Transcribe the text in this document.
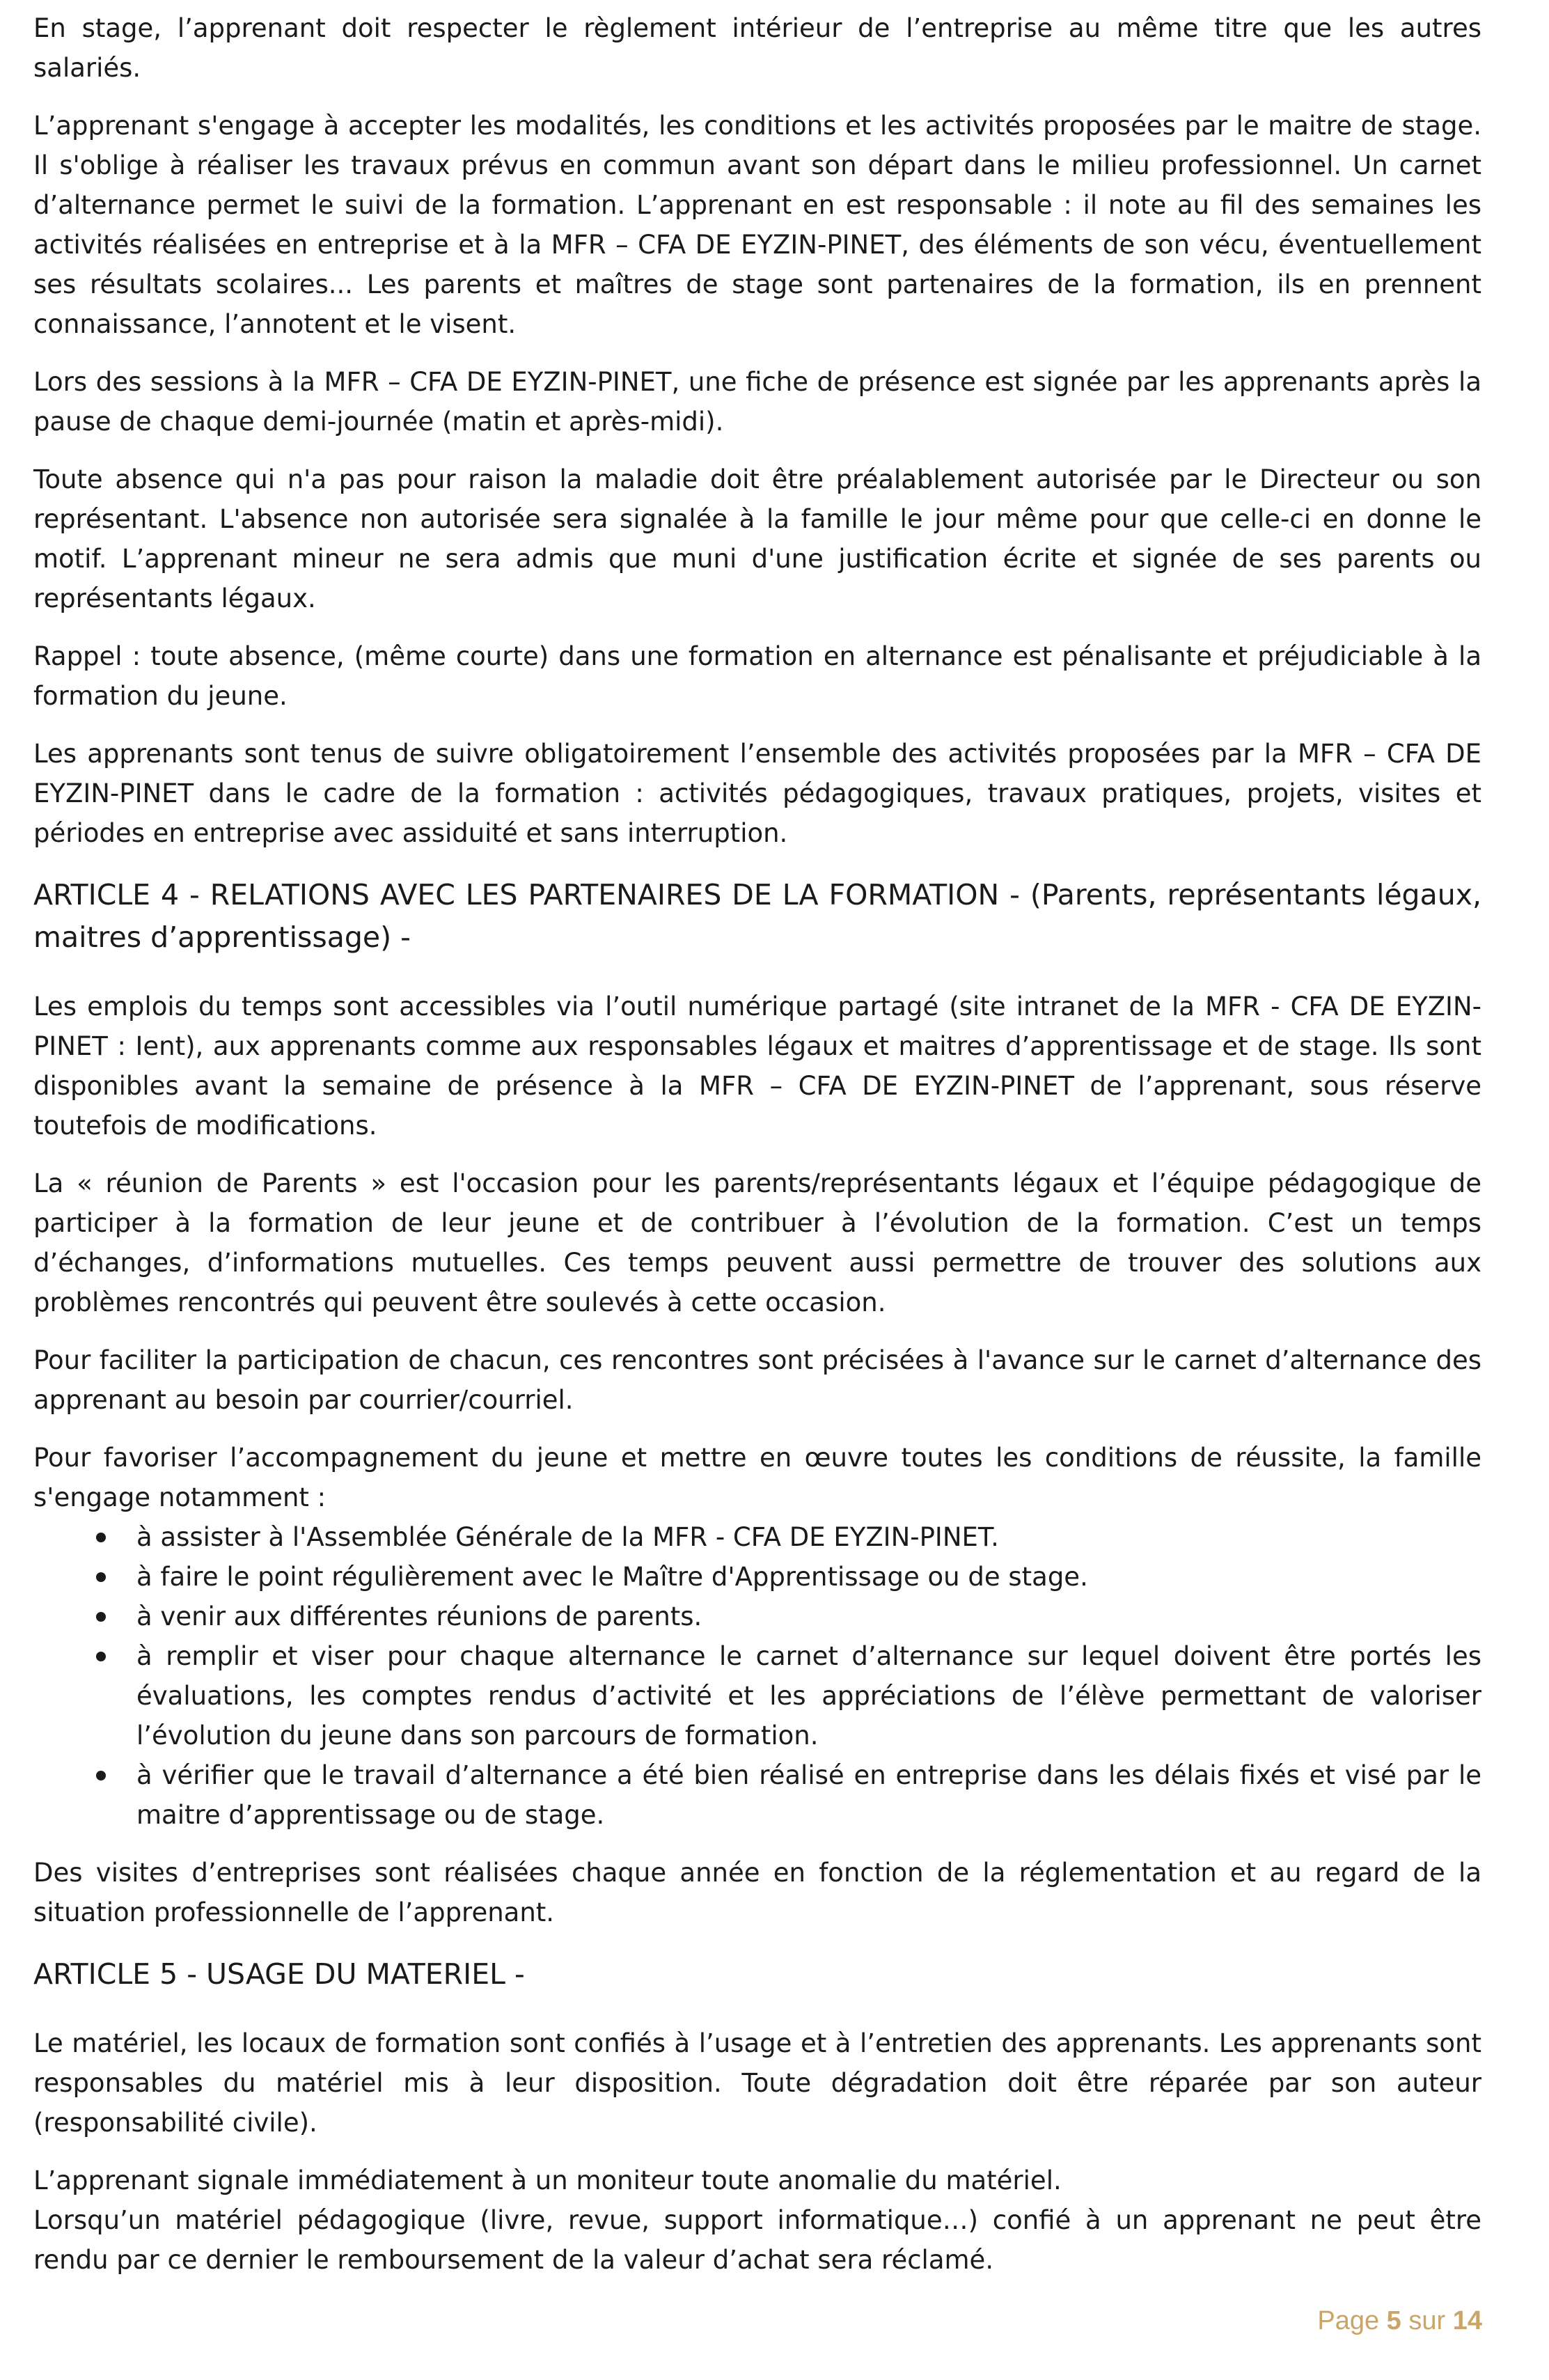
En stage, l’apprenant doit respecter le règlement intérieur de l’entreprise au même titre que les autres salariés.

L’apprenant s'engage à accepter les modalités, les conditions et les activités proposées par le maitre de stage. Il s'oblige à réaliser les travaux prévus en commun avant son départ dans le milieu professionnel. Un carnet d’alternance permet le suivi de la formation. L’apprenant en est responsable : il note au fil des semaines les activités réalisées en entreprise et à la MFR – CFA DE EYZIN-PINET, des éléments de son vécu, éventuellement ses résultats scolaires... Les parents et maîtres de stage sont partenaires de la formation, ils en prennent connaissance, l’annotent et le visent.

Lors des sessions à la MFR – CFA DE EYZIN-PINET, une fiche de présence est signée par les apprenants après la pause de chaque demi-journée (matin et après-midi).

Toute absence qui n'a pas pour raison la maladie doit être préalablement autorisée par le Directeur ou son représentant. L'absence non autorisée sera signalée à la famille le jour même pour que celle-ci en donne le motif. L’apprenant mineur ne sera admis que muni d'une justification écrite et signée de ses parents ou représentants légaux.

Rappel : toute absence, (même courte) dans une formation en alternance est pénalisante et préjudiciable à la formation du jeune.

Les apprenants sont tenus de suivre obligatoirement l’ensemble des activités proposées par la MFR – CFA DE EYZIN-PINET dans le cadre de la formation : activités pédagogiques, travaux pratiques, projets, visites et périodes en entreprise avec assiduité et sans interruption.

ARTICLE 4 - RELATIONS AVEC LES PARTENAIRES DE LA FORMATION - (Parents, représentants légaux, maitres d’apprentissage) -

Les emplois du temps sont accessibles via l’outil numérique partagé (site intranet de la MFR - CFA DE EYZIN-PINET : Ient), aux apprenants comme aux responsables légaux et maitres d’apprentissage et de stage. Ils sont disponibles avant la semaine de présence à la MFR – CFA DE EYZIN-PINET de l’apprenant, sous réserve toutefois de modifications.

La « réunion de Parents » est l'occasion pour les parents/représentants légaux et l’équipe pédagogique de participer à la formation de leur jeune et de contribuer à l’évolution de la formation. C’est un temps d’échanges, d’informations mutuelles. Ces temps peuvent aussi permettre de trouver des solutions aux problèmes rencontrés qui peuvent être soulevés à cette occasion.

Pour faciliter la participation de chacun, ces rencontres sont précisées à l'avance sur le carnet d’alternance des apprenant au besoin par courrier/courriel.

Pour favoriser l’accompagnement du jeune et mettre en œuvre toutes les conditions de réussite, la famille s'engage notamment :

à assister à l'Assemblée Générale de la MFR - CFA DE EYZIN-PINET.
à faire le point régulièrement avec le Maître d'Apprentissage ou de stage.
à venir aux différentes réunions de parents.
à remplir et viser pour chaque alternance le carnet d’alternance sur lequel doivent être portés les évaluations, les comptes rendus d’activité et les appréciations de l’élève permettant de valoriser l’évolution du jeune dans son parcours de formation.
à vérifier que le travail d’alternance a été bien réalisé en entreprise dans les délais fixés et visé par le maitre d’apprentissage ou de stage.

Des visites d’entreprises sont réalisées chaque année en fonction de la réglementation et au regard de la situation professionnelle de l’apprenant.

ARTICLE 5 - USAGE DU MATERIEL -

Le matériel, les locaux de formation sont confiés à l’usage et à l’entretien des apprenants. Les apprenants sont responsables du matériel mis à leur disposition. Toute dégradation doit être réparée par son auteur (responsabilité civile).

L’apprenant signale immédiatement à un moniteur toute anomalie du matériel.

Lorsqu’un matériel pédagogique (livre, revue, support informatique…) confié à un apprenant ne peut être rendu par ce dernier le remboursement de la valeur d’achat sera réclamé.

Page 5 sur 14
